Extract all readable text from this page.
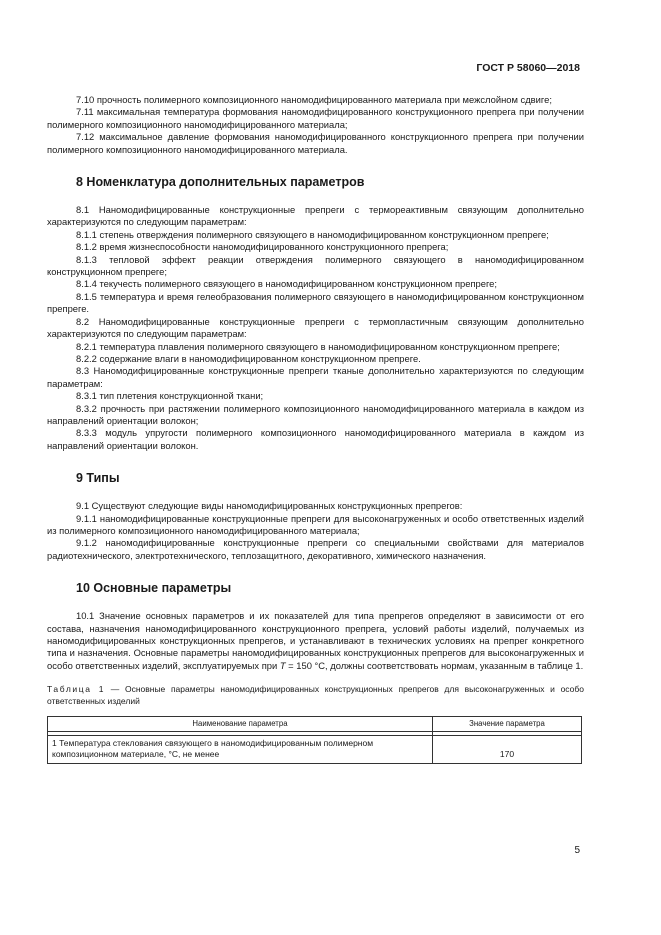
ГОСТ Р 58060—2018

7.10 прочность полимерного композиционного наномодифицированного материала при межслойном сдвиге;

7.11 максимальная температура формования наномодифицированного конструкционного препрега при получении полимерного композиционного наномодифицированного материала;

7.12 максимальное давление формования наномодифицированного конструкционного препрега при получении полимерного композиционного наномодифицированного материала.

8 Номенклатура дополнительных параметров

8.1 Наномодифицированные конструкционные препреги с термореактивным связующим дополнительно характеризуются по следующим параметрам:

8.1.1 степень отверждения полимерного связующего в наномодифицированном конструкционном препреге;

8.1.2 время жизнеспособности наномодифицированного конструкционного препрега;

8.1.3 тепловой эффект реакции отверждения полимерного связующего в наномодифицированном конструкционном препреге;

8.1.4 текучесть полимерного связующего в наномодифицированном конструкционном препреге;

8.1.5 температура и время гелеобразования полимерного связующего в наномодифицированном конструкционном препреге.

8.2 Наномодифицированные конструкционные препреги с термопластичным связующим дополнительно характеризуются по следующим параметрам:

8.2.1 температура плавления полимерного связующего в наномодифицированном конструкционном препреге;

8.2.2 содержание влаги в наномодифицированном конструкционном препреге.

8.3 Наномодифицированные конструкционные препреги тканые дополнительно характеризуются по следующим параметрам:

8.3.1 тип плетения конструкционной ткани;

8.3.2 прочность при растяжении полимерного композиционного наномодифицированного материала в каждом из направлений ориентации волокон;

8.3.3 модуль упругости полимерного композиционного наномодифицированного материала в каждом из направлений ориентации волокон.

9 Типы

9.1 Существуют следующие виды наномодифицированных конструкционных препрегов:

9.1.1 наномодифицированные конструкционные препреги для высоконагруженных и особо ответственных изделий из полимерного композиционного наномодифицированного материала;

9.1.2 наномодифицированные конструкционные препреги со специальными свойствами для материалов радиотехнического, электротехнического, теплозащитного, декоративного, химического назначения.

10 Основные параметры

10.1 Значение основных параметров и их показателей для типа препрегов определяют в зависимости от его состава, назначения наномодифицированного конструкционного препрега, условий работы изделий, получаемых из наномодифицированных конструкционных препрегов, и устанавливают в технических условиях на препрег конкретного типа и назначения. Основные параметры наномодифицированных конструкционных препрегов для высоконагруженных и особо ответственных изделий, эксплуатируемых при T = 150 °C, должны соответствовать нормам, указанным в таблице 1.

Таблица 1 — Основные параметры наномодифицированных конструкционных препрегов для высоконагруженных и особо ответственных изделий
Наименование параметра	Значение параметра

1 Температура стеклования связующего в наномодифицированным полимерном композиционном материале, °С, не менее	170
5
